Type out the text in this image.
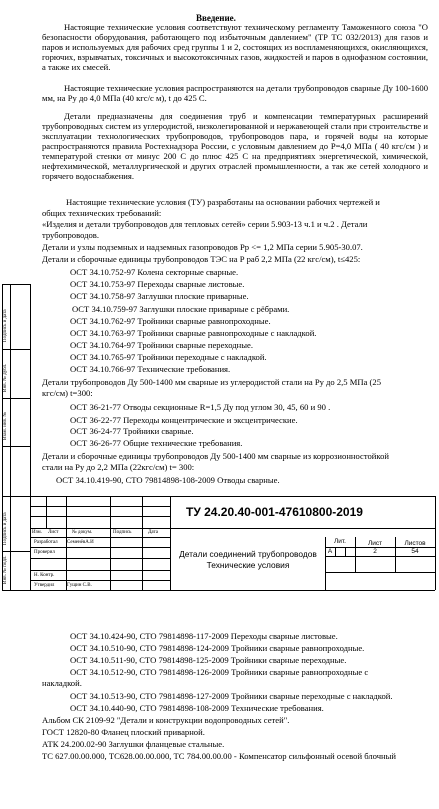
Введение.
Настоящие технические условия соответствуют техническому регламенту Таможенного союза "О безопасности оборудования, работающего под избыточным давлением" (ТР ТС 032/2013) для газов и паров и используемых для рабочих сред группы 1 и 2, состоящих из воспламеняющихся, окисляющихся, горючих, взрывчатых, токсичных и высокотоксичных газов, жидкостей и паров в однофазном состоянии, а также их смесей.
Настоящие технические условия распространяются на детали трубопроводов сварные Ду 100-1600 мм, на Ру до 4,0 МПа (40 кгс/с м), t до 425 С.
Детали предназначены для соединения труб и компенсации температурных расширений трубопроводных систем из углеродистой, низколегированной и нержавеющей стали при строительстве и эксплуатации технологических трубопроводов, трубопроводов пара, и горячей воды на которые распространяются правила Ростехнадзора России, с условным давлением до Р=4,0 МПа ( 40 кгс/см ) и температурой стенки от минус 200 С до плюс 425 С на предприятиях энергетической, химической, нефтехимической, металлургической и других отраслей промышленности, а так же сетей холодного и горячего водоснабжения.
Настоящие технические условия (ТУ) разработаны на основании рабочих чертежей и
общих технических требований:
«Изделия и детали трубопроводов для тепловых сетей» серии 5.903-13 ч.1 и ч.2 . Детали
трубопроводов.
Детали и узлы подземных и надземных газопроводов Pр <= 1,2 МПа серии 5.905-30.07.
Детали и сборочные единицы трубопроводов ТЭС на Р раб 2,2 МПа (22 кгс/см), t≤425:
ОСТ 34.10.752-97 Колена секторные сварные.
ОСТ 34.10.753-97 Переходы сварные листовые.
ОСТ 34.10.758-97 Заглушки плоские приварные.
ОСТ 34.10.759-97 Заглушки плоские приварные с рёбрами.
ОСТ 34.10.762-97 Тройники сварные равнопроходные.
ОСТ 34.10.763-97 Тройники сварные равнопроходные с накладкой.
ОСТ 34.10.764-97 Тройники сварные переходные.
ОСТ 34.10.765-97 Тройники переходные с накладкой.
ОСТ 34.10.766-97 Технические требования.
Детали трубопроводов Ду 500-1400 мм сварные из углеродистой стали на Ру до 2,5 МПа (25
кгс/см) t=300:
ОСТ 36-21-77 Отводы секционные R=1,5 Ду под углом 30, 45, 60 и 90 .
ОСТ 36-22-77 Переходы концентрические и эксцентрические.
ОСТ 36-24-77 Тройники сварные.
ОСТ 36-26-77 Общие технические требования.
Детали и сборочные единицы трубопроводов Ду 500-1400 мм сварные из коррозионностойкой
стали на Ру до 2,2 МПа (22кгс/см) t= 300:
ОСТ 34.10.419-90, СТО 79814898-108-2009 Отводы сварные.
Подпись и дата
Инв. № дубл.
Взам. инв. №
Подпись и дата
Инв. № подл.
Изм. Лист	№ докум.	Подпись	Дата
Разработал СеменёвА.И
Проверил
Н. Контр.
Утвердил	Гущин С.В.
ТУ 24.20.40-001-47610800-2019
Детали соединений трубопроводов
Технические условия
Лит.	Лист	Листов
А	2	54
ОСТ 34.10.424-90, СТО 79814898-117-2009 Переходы сварные листовые.
ОСТ 34.10.510-90, СТО 79814898-124-2009 Тройники сварные равнопроходные.
ОСТ 34.10.511-90, СТО 79814898-125-2009 Тройники сварные переходные.
ОСТ 34.10.512-90, СТО 79814898-126-2009 Тройники сварные равнопроходные с
накладкой.
ОСТ 34.10.513-90, СТО 79814898-127-2009 Тройники сварные переходные с накладкой.
ОСТ 34.10.440-90, СТО 79814898-108-2009 Технические требования.
Альбом СК 2109-92 "Детали и конструкции водопроводных сетей".
ГОСТ 12820-80 Фланец плоский приварной.
АТК 24.200.02-90 Заглушки фланцевые стальные.
ТС 627.00.00.000, ТС628.00.00.000, ТС 784.00.00.00 - Компенсатор сильфонный осевой блочный
